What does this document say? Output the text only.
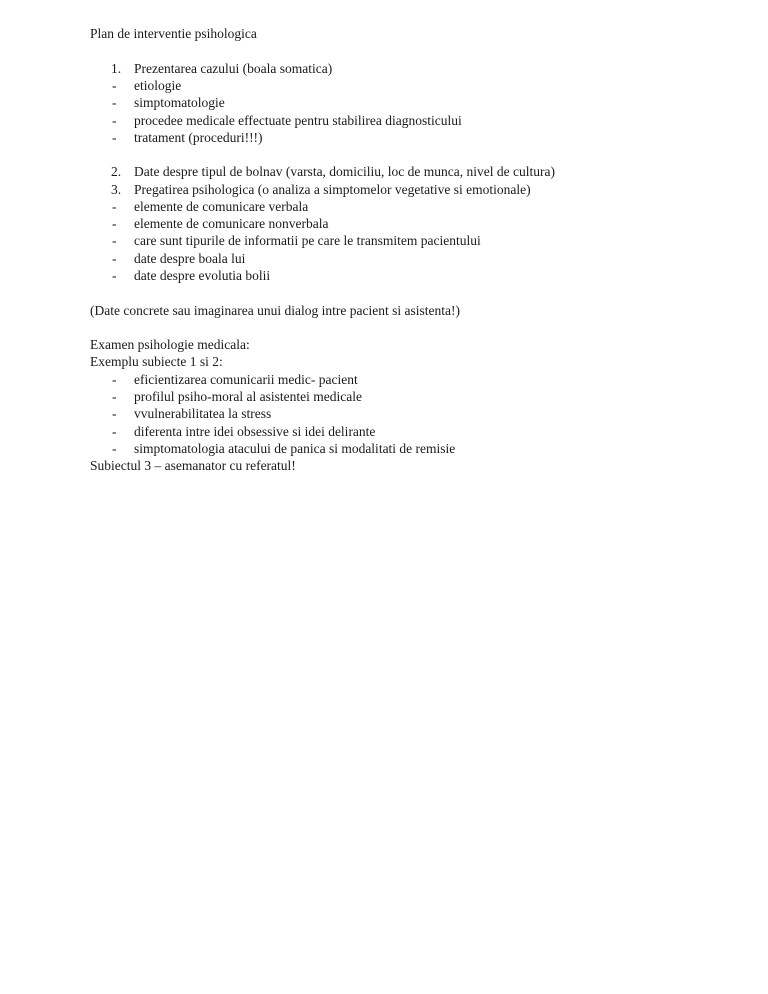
Plan de interventie psihologica
1. Prezentarea cazului (boala somatica)
- etiologie
- simptomatologie
- procedee medicale effectuate pentru stabilirea diagnosticului
- tratament (proceduri!!!)
2. Date despre tipul de bolnav (varsta, domiciliu, loc de munca, nivel de cultura)
3. Pregatirea psihologica (o analiza a simptomelor vegetative si emotionale)
- elemente de comunicare verbala
- elemente de comunicare nonverbala
- care sunt tipurile de informatii pe care le transmitem pacientului
- date despre boala lui
- date despre evolutia bolii
(Date concrete sau imaginarea unui dialog intre pacient si asistenta!)
Examen psihologie medicala:
Exemplu subiecte 1 si 2:
- eficientizarea comunicarii medic- pacient
- profilul psiho-moral al asistentei medicale
- vvulnerabilitatea la stress
- diferenta intre idei obsessive si idei delirante
- simptomatologia atacului de panica si modalitati de remisie
Subiectul 3 – asemanator cu referatul!
